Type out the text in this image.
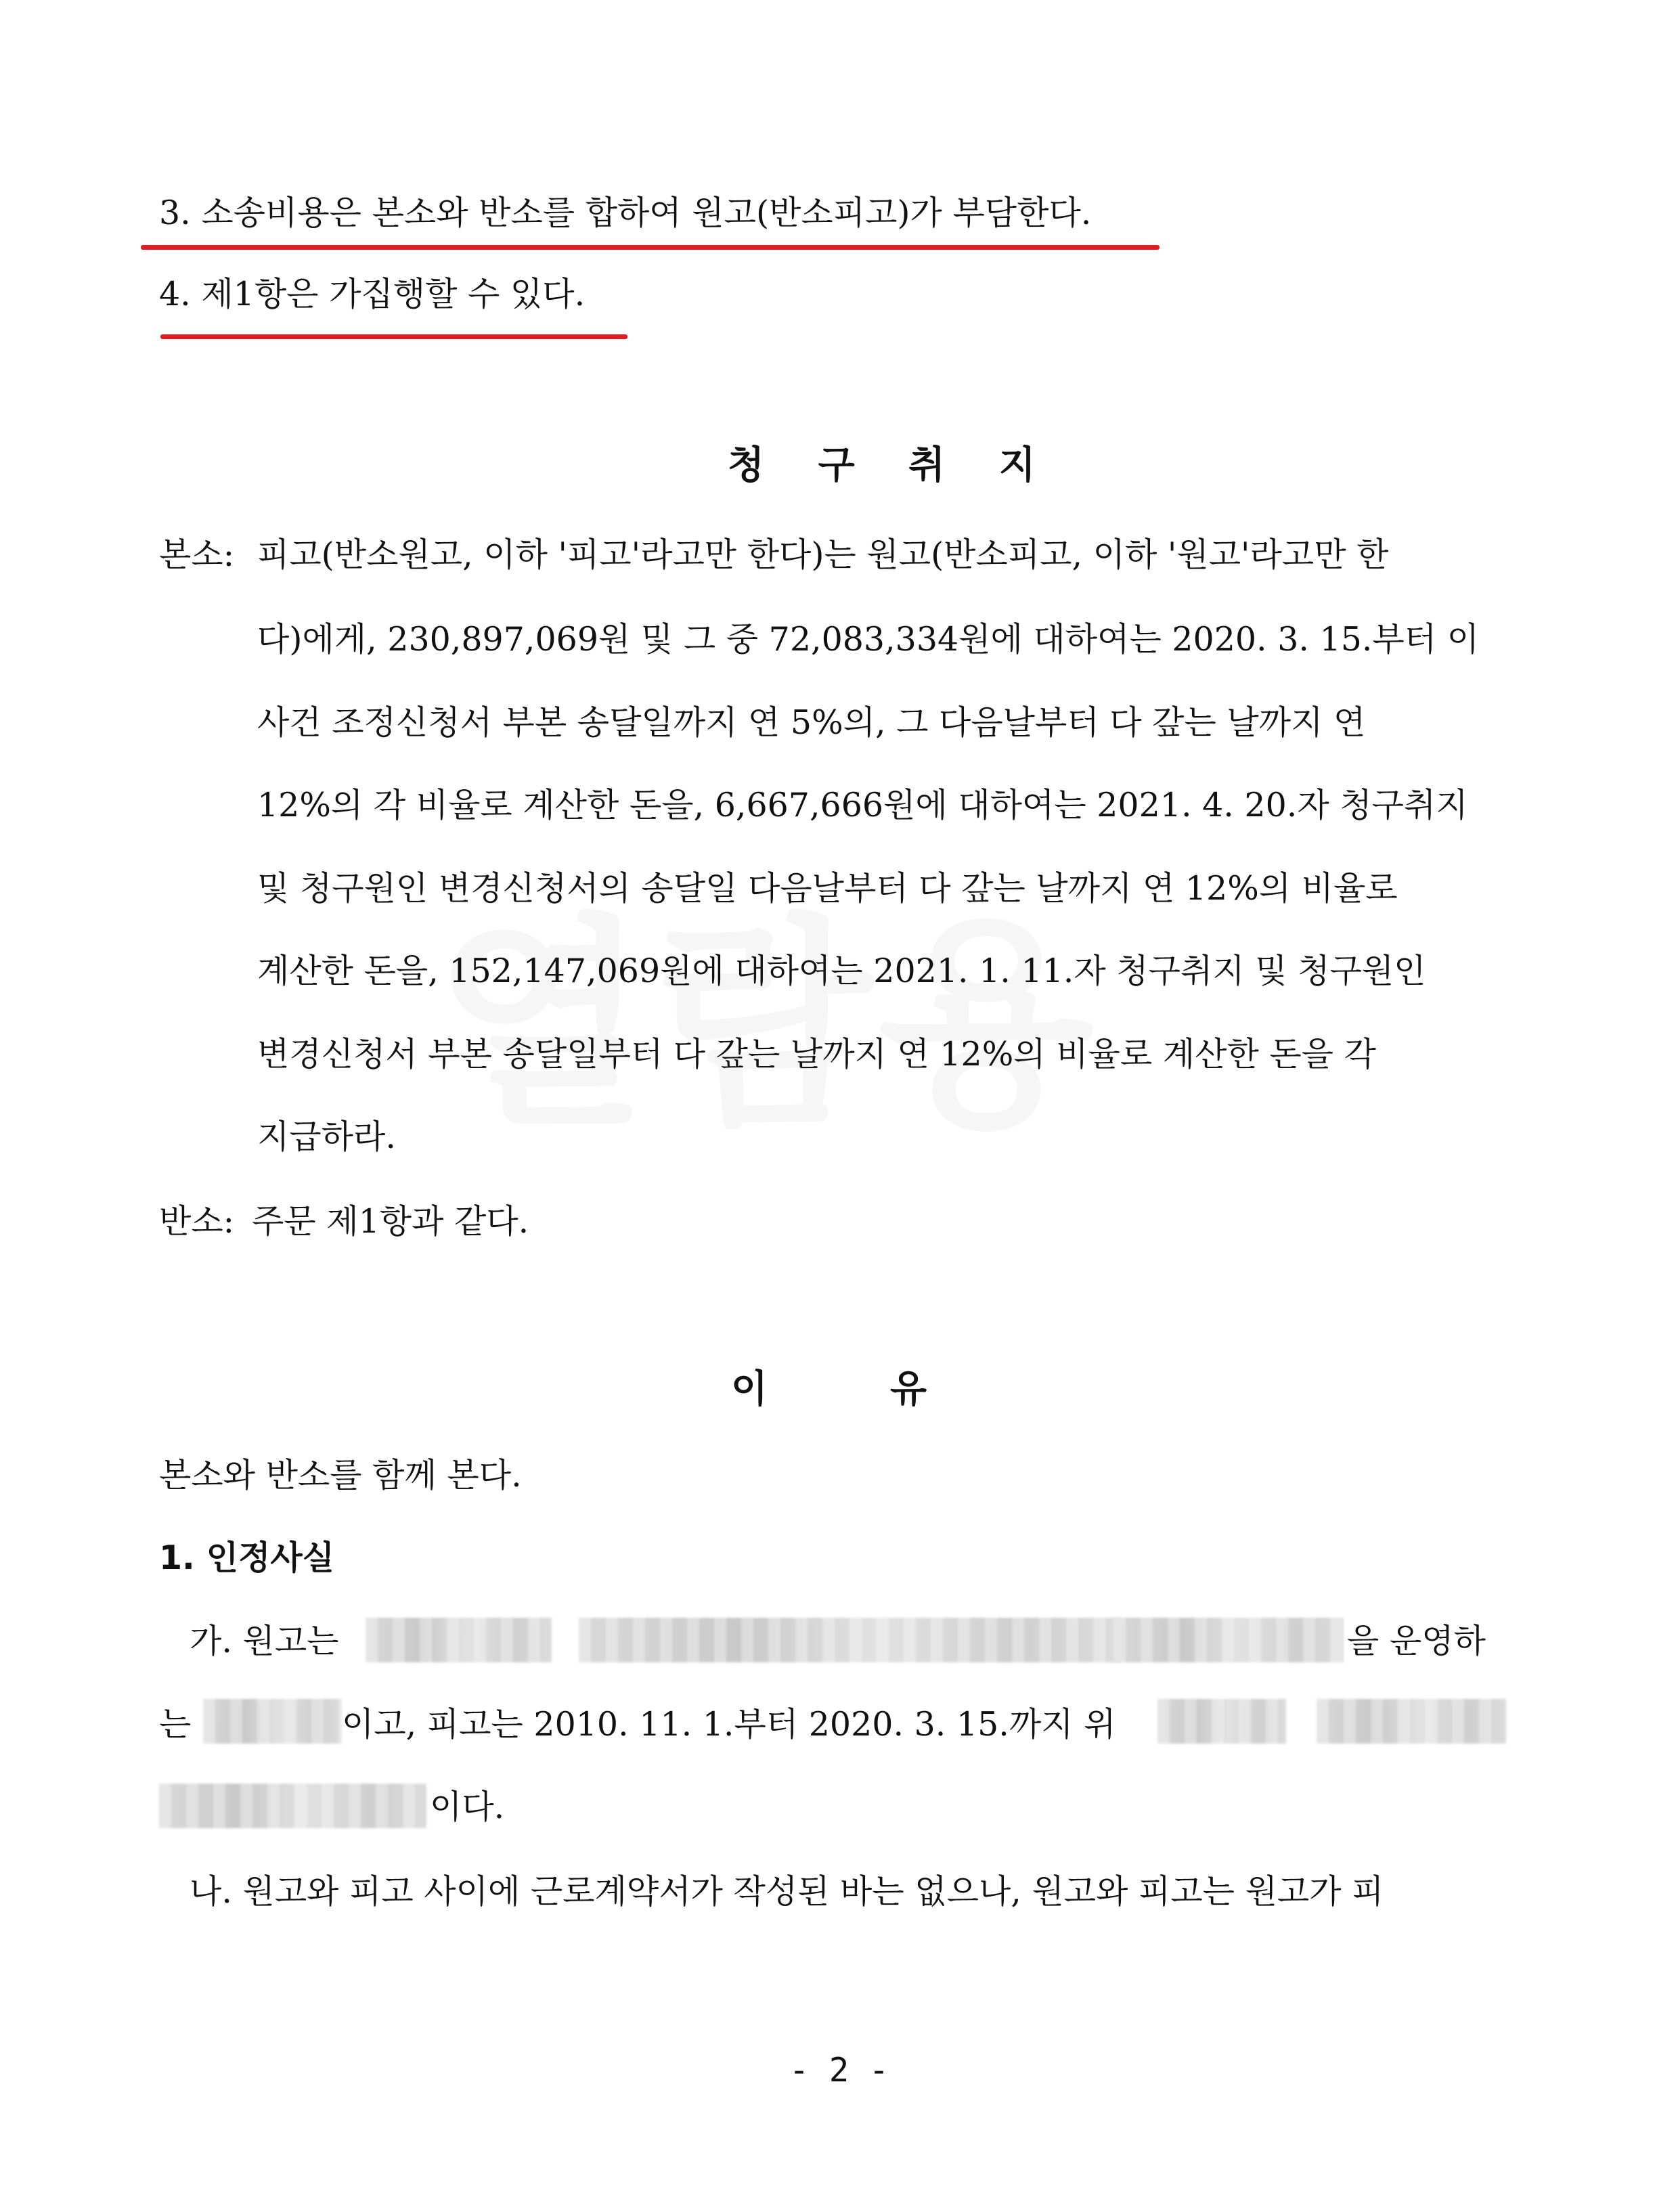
3. 소송비용은 본소와 반소를 합하여 원고(반소피고)가 부담한다.
4. 제1항은 가집행할 수 있다.
청 구 취 지
본소: 피고(반소원고, 이하 '피고'라고만 한다)는 원고(반소피고, 이하 '원고'라고만 한
다)에게, 230,897,069원 및 그 중 72,083,334원에 대하여는 2020. 3. 15.부터 이
사건 조정신청서 부본 송달일까지 연 5%의, 그 다음날부터 다 갚는 날까지 연
12%의 각 비율로 계산한 돈을, 6,667,666원에 대하여는 2021. 4. 20.자 청구취지
및 청구원인 변경신청서의 송달일 다음날부터 다 갚는 날까지 연 12%의 비율로
계산한 돈을, 152,147,069원에 대하여는 2021. 1. 11.자 청구취지 및 청구원인
변경신청서 부본 송달일부터 다 갚는 날까지 연 12%의 비율로 계산한 돈을 각
지급하라.
반소: 주문 제1항과 같다.
이	유
본소와 반소를 함께 본다.
1. 인정사실
가. 원고는	을 운영하
는	이고, 피고는 2010. 11. 1.부터 2020. 3. 15.까지 위
이다.
나. 원고와 피고 사이에 근로계약서가 작성된 바는 없으나, 원고와 피고는 원고가 피
- 2 -
